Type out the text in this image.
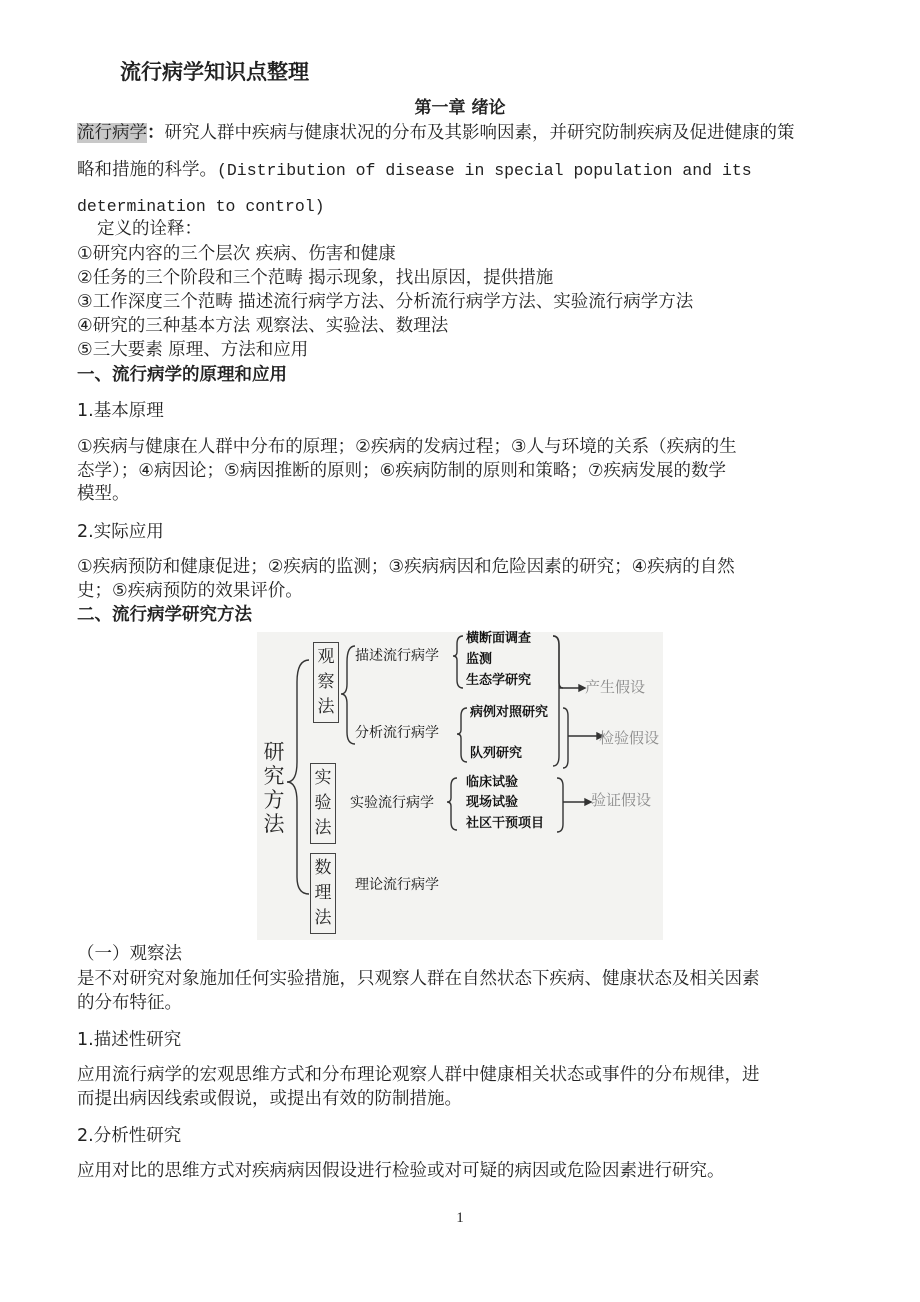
流行病学知识点整理
第一章 绪论
流行病学：研究人群中疾病与健康状况的分布及其影响因素，并研究防制疾病及促进健康的策
略和措施的科学。(Distribution of disease in special population and its
determination to control)
定义的诠释：
①研究内容的三个层次 疾病、伤害和健康
②任务的三个阶段和三个范畴 揭示现象，找出原因，提供措施
③工作深度三个范畴 描述流行病学方法、分析流行病学方法、实验流行病学方法
④研究的三种基本方法 观察法、实验法、数理法
⑤三大要素 原理、方法和应用
一、流行病学的原理和应用
1.基本原理
①疾病与健康在人群中分布的原理；②疾病的发病过程；③人与环境的关系（疾病的生
态学）；④病因论；⑤病因推断的原则；⑥疾病防制的原则和策略；⑦疾病发展的数学
模型。
2.实际应用
①疾病预防和健康促进；②疾病的监测；③疾病病因和危险因素的研究；④疾病的自然
史；⑤疾病预防的效果评价。
二、流行病学研究方法
研究方法
观察法
实验法
数理法
描述流行病学
分析流行病学
实验流行病学
理论流行病学
横断面调查
监测
生态学研究
病例对照研究
队列研究
临床试验
现场试验
社区干预项目
产生假设
检验假设
验证假设
（一）观察法
是不对研究对象施加任何实验措施，只观察人群在自然状态下疾病、健康状态及相关因素
的分布特征。
1.描述性研究
应用流行病学的宏观思维方式和分布理论观察人群中健康相关状态或事件的分布规律，进
而提出病因线索或假说，或提出有效的防制措施。
2.分析性研究
应用对比的思维方式对疾病病因假设进行检验或对可疑的病因或危险因素进行研究。
1
